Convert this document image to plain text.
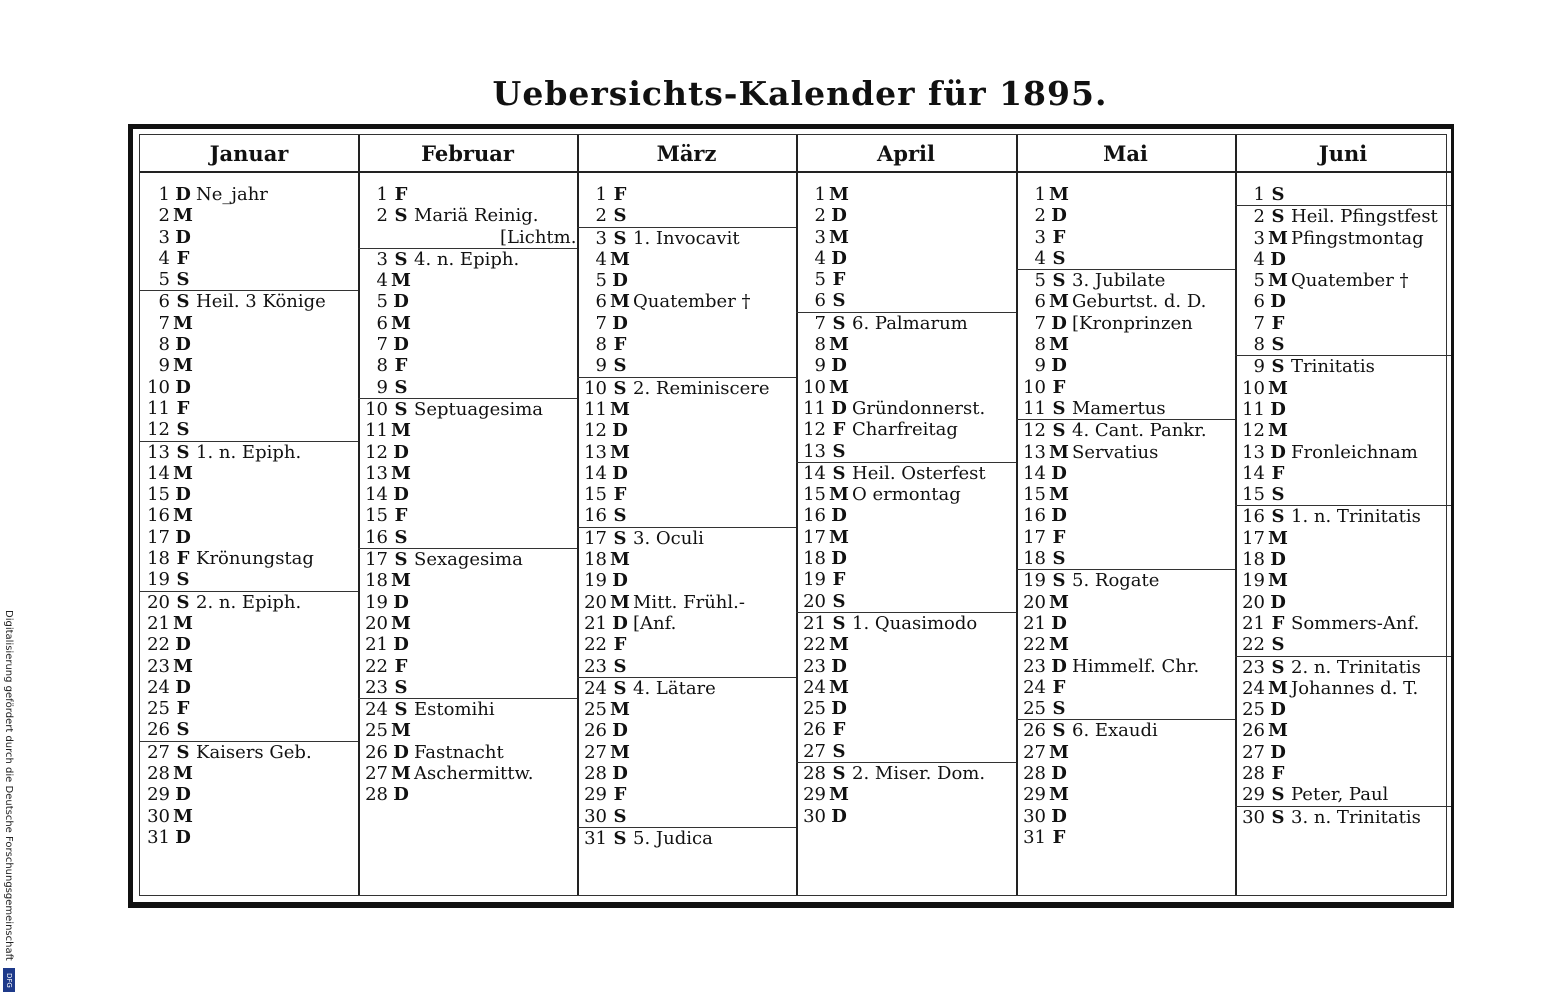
Uebersichts-Kalender für 1895.
Digitalisierung gefördert durch die Deutsche Forschungsgemeinschaft
DFG
Januar
1 D Ne_jahr
2 M
3 D
4 F
5 S
6 S Heil. 3 Könige
7 M
8 D
9 M
10 D
11 F
12 S
13 S 1. n. Epiph.
14 M
15 D
16 M
17 D
18 F Krönungstag
19 S
20 S 2. n. Epiph.
21 M
22 D
23 M
24 D
25 F
26 S
27 S Kaisers Geb.
28 M
29 D
30 M
31 D
Februar
1 F
2 S Mariä Reinig.
[Lichtm.
3 S 4. n. Epiph.
4 M
5 D
6 M
7 D
8 F
9 S
10 S Septuagesima
11 M
12 D
13 M
14 D
15 F
16 S
17 S Sexagesima
18 M
19 D
20 M
21 D
22 F
23 S
24 S Estomihi
25 M
26 D Fastnacht
27 M Aschermittw.
28 D
März
1 F
2 S
3 S 1. Invocavit
4 M
5 D
6 M Quatember †
7 D
8 F
9 S
10 S 2. Reminiscere
11 M
12 D
13 M
14 D
15 F
16 S
17 S 3. Oculi
18 M
19 D
20 M Mitt. Frühl.-
21 D [Anf.
22 F
23 S
24 S 4. Lätare
25 M
26 D
27 M
28 D
29 F
30 S
31 S 5. Judica
April
1 M
2 D
3 M
4 D
5 F
6 S
7 S 6. Palmarum
8 M
9 D
10 M
11 D Gründonnerst.
12 F Charfreitag
13 S
14 S Heil. Osterfest
15 M O ermontag
16 D
17 M
18 D
19 F
20 S
21 S 1. Quasimodo
22 M
23 D
24 M
25 D
26 F
27 S
28 S 2. Miser. Dom.
29 M
30 D
Mai
1 M
2 D
3 F
4 S
5 S 3. Jubilate
6 M Geburtst. d. D.
7 D [Kronprinzen
8 M
9 D
10 F
11 S Mamertus
12 S 4. Cant. Pankr.
13 M Servatius
14 D
15 M
16 D
17 F
18 S
19 S 5. Rogate
20 M
21 D
22 M
23 D Himmelf. Chr.
24 F
25 S
26 S 6. Exaudi
27 M
28 D
29 M
30 D
31 F
Juni
1 S
2 S Heil. Pfingstfest
3 M Pfingstmontag
4 D
5 M Quatember †
6 D
7 F
8 S
9 S Trinitatis
10 M
11 D
12 M
13 D Fronleichnam
14 F
15 S
16 S 1. n. Trinitatis
17 M
18 D
19 M
20 D
21 F Sommers-Anf.
22 S
23 S 2. n. Trinitatis
24 M Johannes d. T.
25 D
26 M
27 D
28 F
29 S Peter, Paul
30 S 3. n. Trinitatis
